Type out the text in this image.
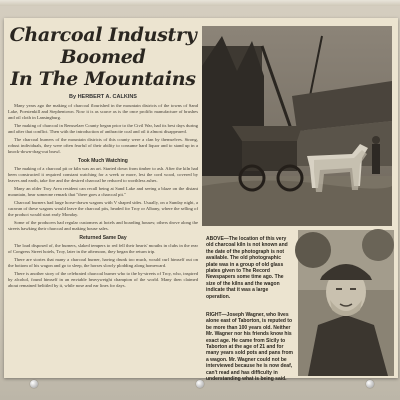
Charcoal Industry
Boomed
In The Mountains
By HERBERT A. CALKINS

Many years ago the making of charcoal flourished in the mountain districts of the towns of Sand Lake, Poestenkill and Stephentown. Now it is as scarce as is the once prolific manufacture of brushes and oil cloth in Lansingburg.

The making of charcoal in Rensselaer County began prior to the Civil War, had its best days during and after that conflict. Then with the introduction of anthracite coal and oil it almost disappeared.

The charcoal burners of the mountain districts of this county were a clan by themselves. Strong, robust individuals, they were often fearful of their ability to consume hard liquor and to stand up in a knock-down-drag-out brawl.

Took Much Watching

The making of a charcoal pit or kiln was an art. Started down from timber to ash. After the kiln had been constructed it required constant watching for a week or more, lest the cord wood, covered by leaves and earth, take fire and the desired charcoal be reduced to worthless ashes.

Many an older Troy Area resident can recall being at Sand Lake and seeing a blaze on the distant mountain, hear someone remark that "there goes a charcoal pit."

Charcoal burners had large horse-drawn wagons with V shaped sides. Usually, on a Sunday night, a caravan of these wagons would leave the charcoal pits, headed for Troy or Albany, where the selling of the product would start early Monday.

Some of the producers had regular customers at hotels and boarding houses; others drove along the streets hawking their charcoal and making house sales.

Returned Same Day

The load disposed of, the burners, slaked tempers to red fell their hearts' mouths in clubs in the rear of Congress Street hotels, Troy, later in the afternoon, they began the return trip.

There are stories that many a charcoal burner, having drunk too much, would curl himself out on the bottom of his wagon and go to sleep, the horses slowly plodding along homeward.

There is another story of the celebrated charcoal burner who to the by-streets of Troy, who, inspired by alcohol, found himself in an enviable heavyweight champion of the world. Many then claimed about remained belittled by it, while nose and ear lines for days.

ABOVE—The location of this very old charcoal kiln is not known and the date of the photograph is not available. The old photographic plate was in a group of old glass plates given to The Record Newspapers some time ago. The size of the kilns and the wagon indicate that it was a large operation.
RIGHT—Joseph Wagner, who lives alone east of Taborton, is reputed to be more than 100 years old. Neither Mr. Wagner nor his friends know his exact age. He came from Sicily to Taborton at the age of 21 and for many years sold pots and pans from a wagon. Mr. Wagner could not be interviewed because he is now deaf, can't read and has difficulty in understanding what is being said.
